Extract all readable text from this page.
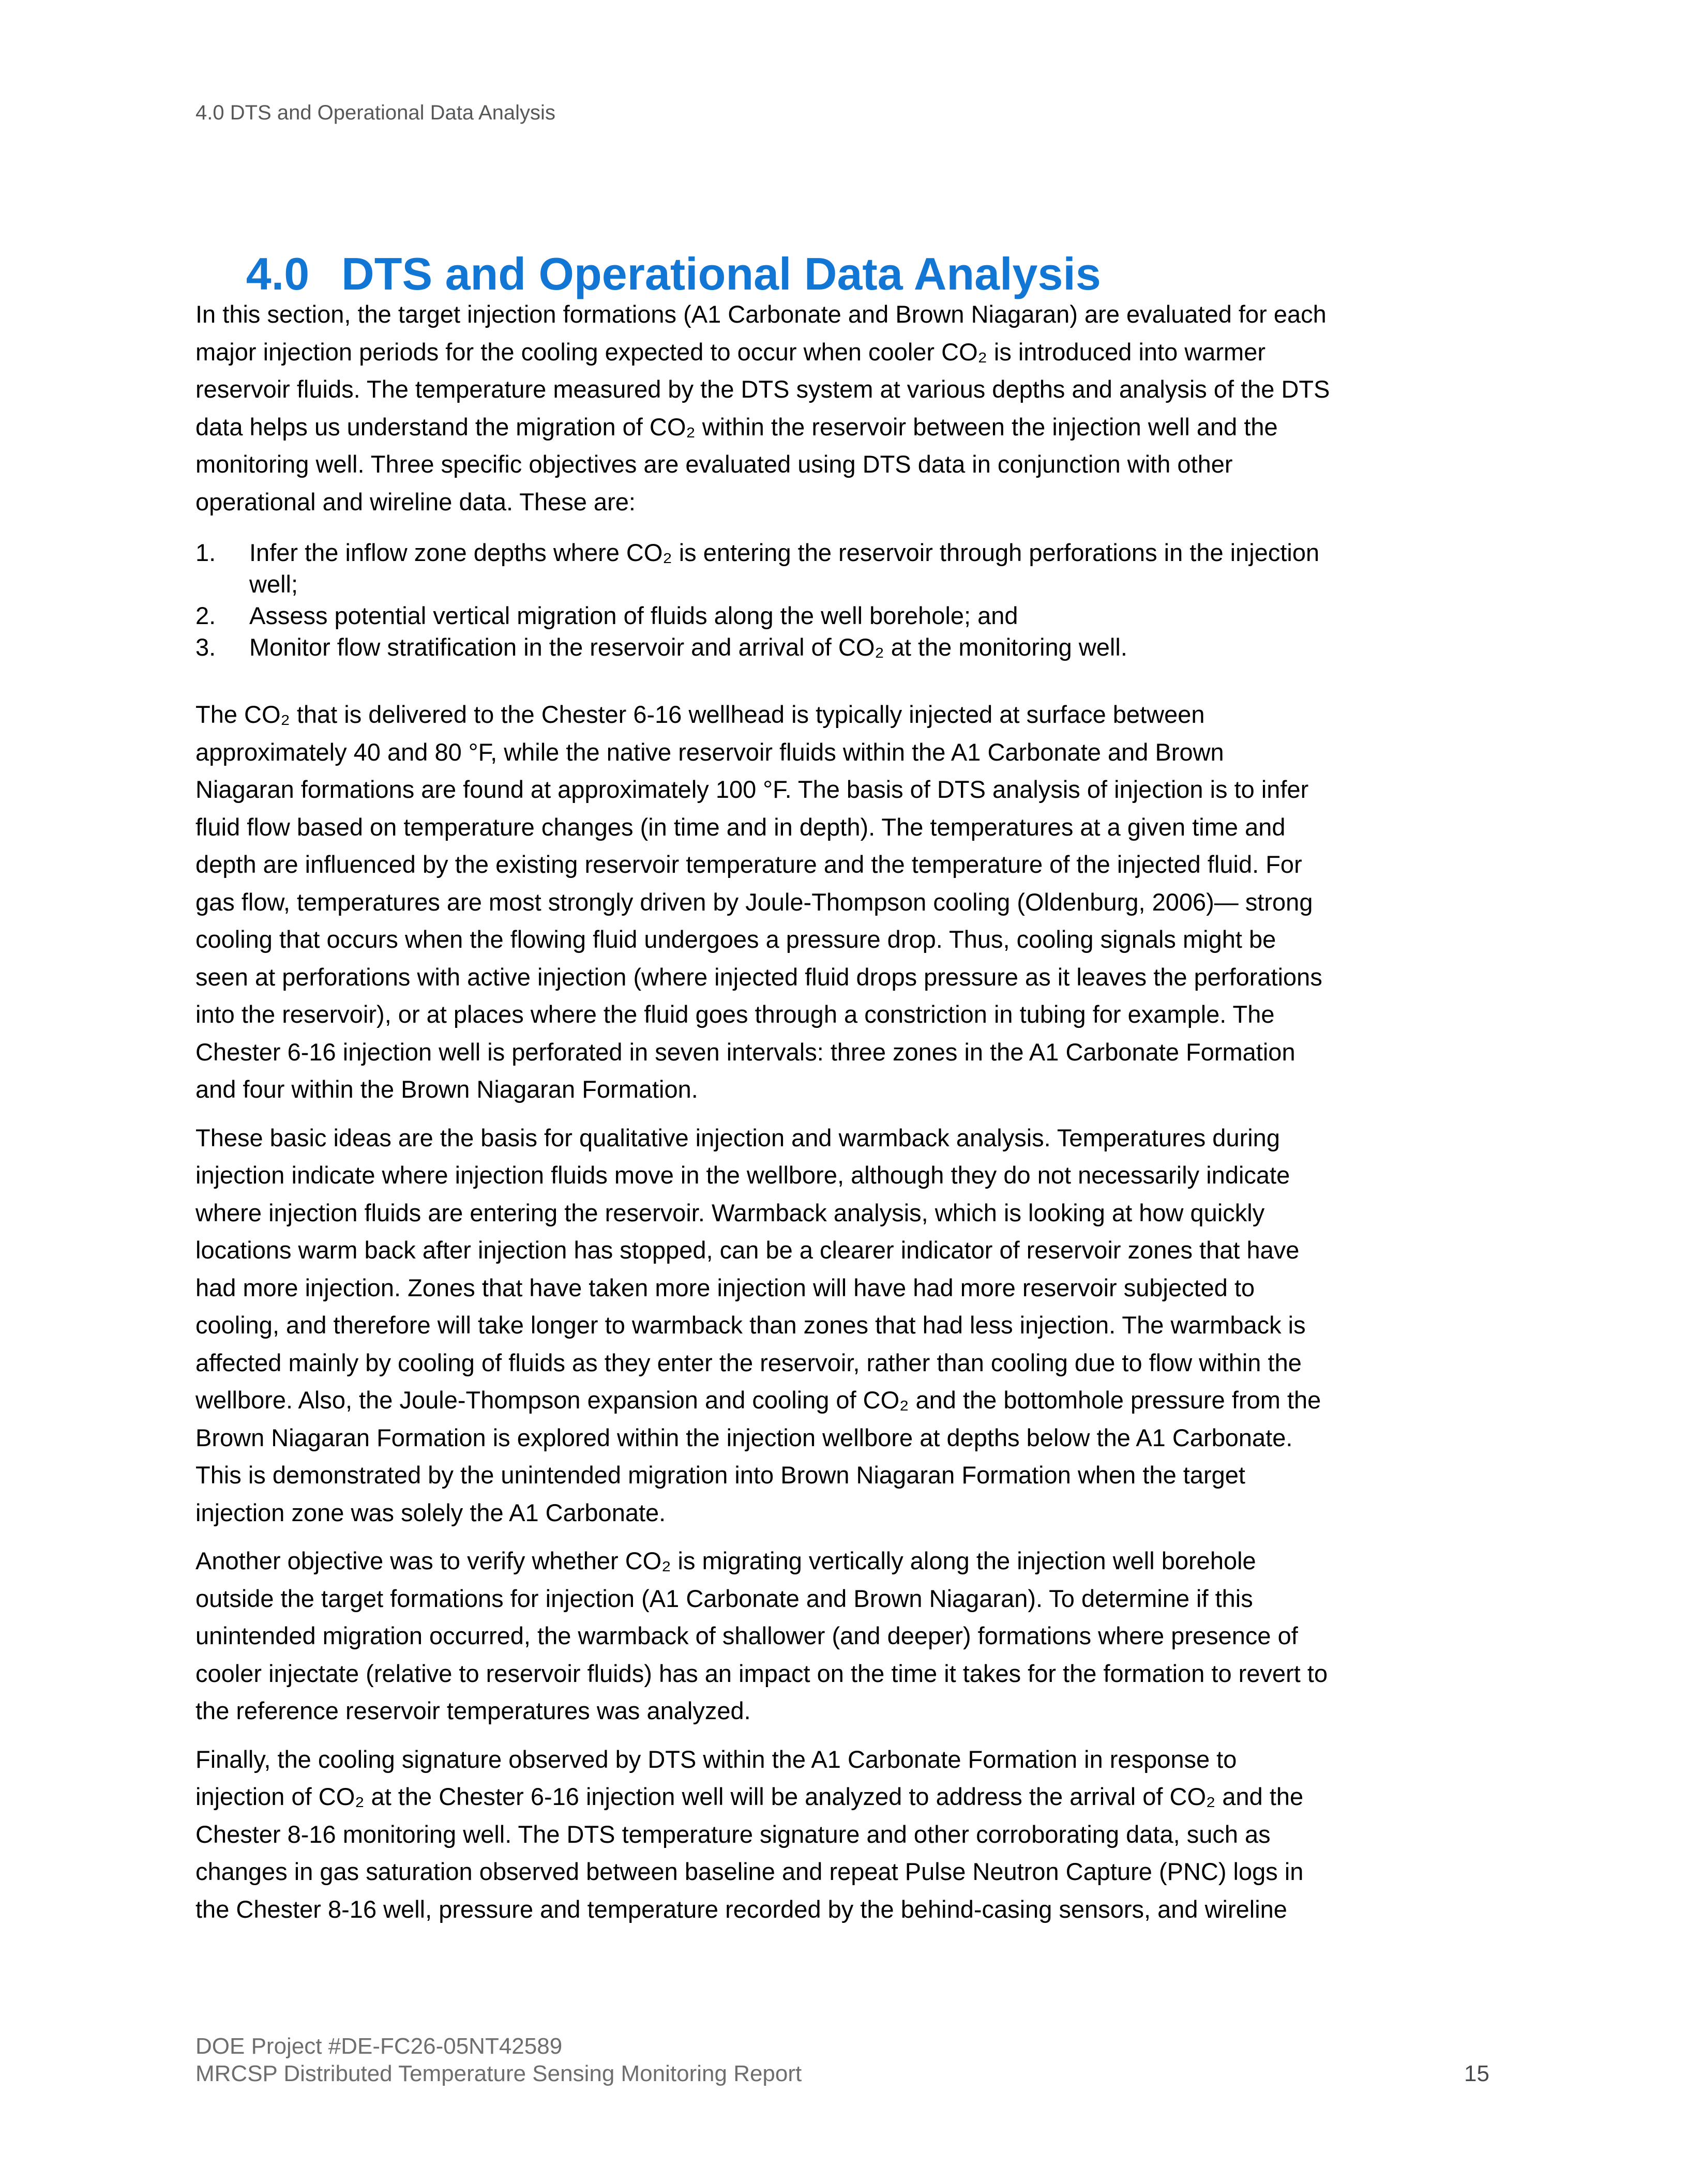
4.0 DTS and Operational Data Analysis

4.0 DTS and Operational Data Analysis

In this section, the target injection formations (A1 Carbonate and Brown Niagaran) are evaluated for each
major injection periods for the cooling expected to occur when cooler CO₂ is introduced into warmer
reservoir fluids. The temperature measured by the DTS system at various depths and analysis of the DTS
data helps us understand the migration of CO₂ within the reservoir between the injection well and the
monitoring well. Three specific objectives are evaluated using DTS data in conjunction with other
operational and wireline data. These are:
1.	Infer the inflow zone depths where CO₂ is entering the reservoir through perforations in the injection
well;
2.	Assess potential vertical migration of fluids along the well borehole; and
3.	Monitor flow stratification in the reservoir and arrival of CO₂ at the monitoring well.
The CO₂ that is delivered to the Chester 6-16 wellhead is typically injected at surface between
approximately 40 and 80 °F, while the native reservoir fluids within the A1 Carbonate and Brown
Niagaran formations are found at approximately 100 °F. The basis of DTS analysis of injection is to infer
fluid flow based on temperature changes (in time and in depth). The temperatures at a given time and
depth are influenced by the existing reservoir temperature and the temperature of the injected fluid. For
gas flow, temperatures are most strongly driven by Joule-Thompson cooling (Oldenburg, 2006)— strong
cooling that occurs when the flowing fluid undergoes a pressure drop. Thus, cooling signals might be
seen at perforations with active injection (where injected fluid drops pressure as it leaves the perforations
into the reservoir), or at places where the fluid goes through a constriction in tubing for example. The
Chester 6-16 injection well is perforated in seven intervals: three zones in the A1 Carbonate Formation
and four within the Brown Niagaran Formation.
These basic ideas are the basis for qualitative injection and warmback analysis. Temperatures during
injection indicate where injection fluids move in the wellbore, although they do not necessarily indicate
where injection fluids are entering the reservoir. Warmback analysis, which is looking at how quickly
locations warm back after injection has stopped, can be a clearer indicator of reservoir zones that have
had more injection. Zones that have taken more injection will have had more reservoir subjected to
cooling, and therefore will take longer to warmback than zones that had less injection. The warmback is
affected mainly by cooling of fluids as they enter the reservoir, rather than cooling due to flow within the
wellbore. Also, the Joule-Thompson expansion and cooling of CO₂ and the bottomhole pressure from the
Brown Niagaran Formation is explored within the injection wellbore at depths below the A1 Carbonate.
This is demonstrated by the unintended migration into Brown Niagaran Formation when the target
injection zone was solely the A1 Carbonate.
Another objective was to verify whether CO₂ is migrating vertically along the injection well borehole
outside the target formations for injection (A1 Carbonate and Brown Niagaran). To determine if this
unintended migration occurred, the warmback of shallower (and deeper) formations where presence of
cooler injectate (relative to reservoir fluids) has an impact on the time it takes for the formation to revert to
the reference reservoir temperatures was analyzed.
Finally, the cooling signature observed by DTS within the A1 Carbonate Formation in response to
injection of CO₂ at the Chester 6-16 injection well will be analyzed to address the arrival of CO₂ and the
Chester 8-16 monitoring well. The DTS temperature signature and other corroborating data, such as
changes in gas saturation observed between baseline and repeat Pulse Neutron Capture (PNC) logs in
the Chester 8-16 well, pressure and temperature recorded by the behind-casing sensors, and wireline
DOE Project #DE-FC26-05NT42589
MRCSP Distributed Temperature Sensing Monitoring Report	15
